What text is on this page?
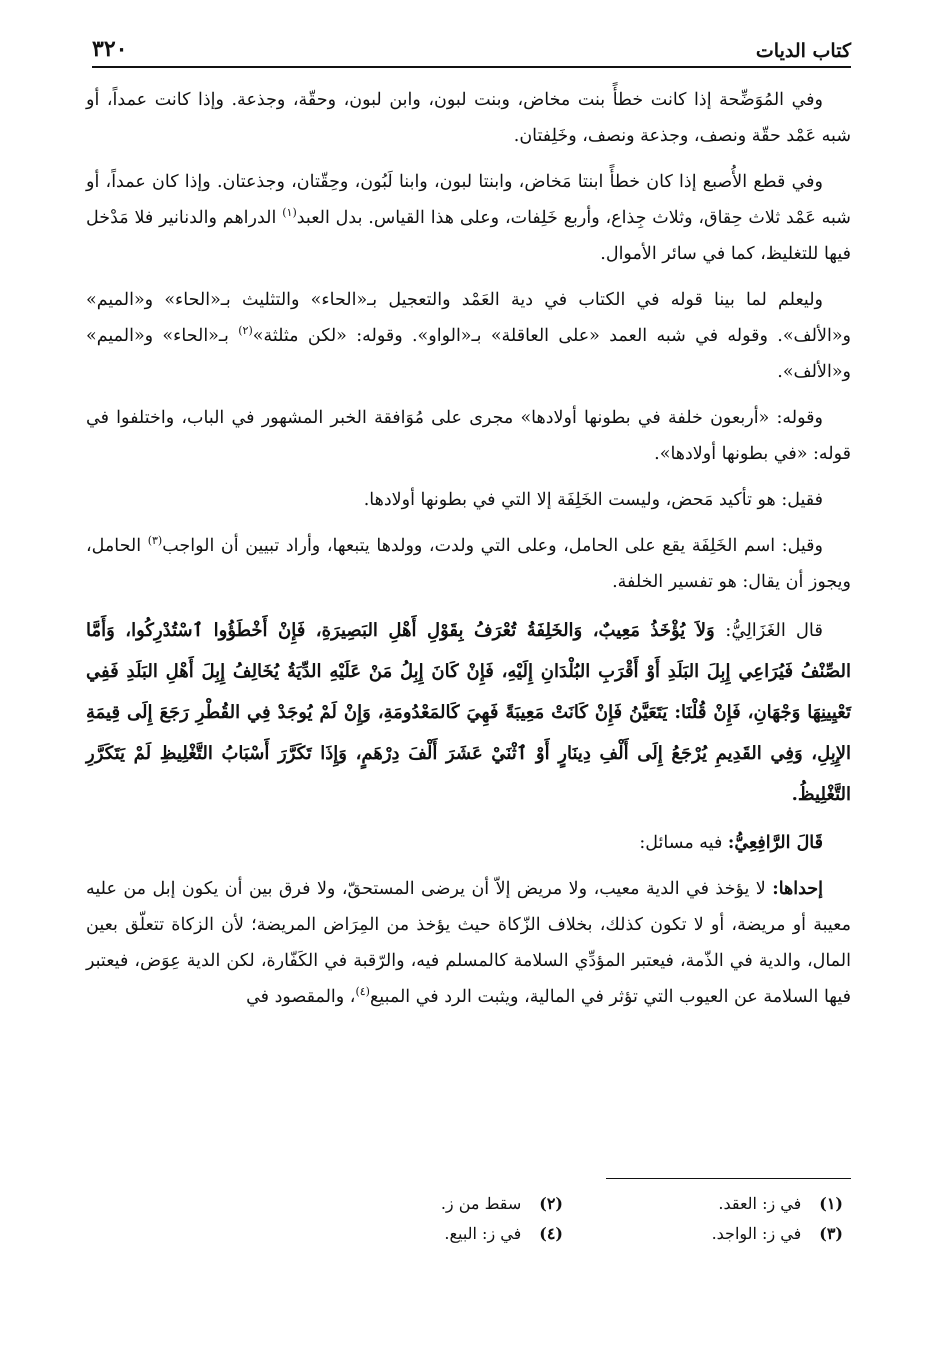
كتاب الديات
٣٢٠

وفي المُوَضِّحة إذا كانت خطأً بنت مخاض، وبنت لبون، وابن لبون، وحقّة، وجذعة. وإذا كانت عمداً، أو شبه عَمْد حقّة ونصف، وجذعة ونصف، وخَلِفتان.

وفي قطع الأُصبع إذا كان خطأً ابنتا مَخاض، وابنتا لبون، وابنا لَبُون، وحِقّتان، وجذعتان. وإذا كان عمداً، أو شبه عَمْد ثلاث حِقاق، وثلاث جِذاع، وأربع خَلِفات، وعلى هذا القياس. بدل العبد$^{(١)}$ الدراهم والدنانير فلا مَدْخل فيها للتغليظ، كما في سائر الأموال.

وليعلم لما بينا قوله في الكتاب في دية العَمْد والتعجيل بـ«الحاء» والتثليث بـ«الحاء» و«الميم» و«الألف». وقوله في شبه العمد «على العاقلة» بـ«الواو». وقوله: «لكن مثلثة»$^{(٢)}$ بـ«الحاء» و«الميم» و«الألف».

وقوله: «أربعون خلفة في بطونها أولادها» مجرى على مُوَافقة الخبر المشهور في الباب، واختلفوا في قوله: «في بطونها أولادها».

فقيل: هو تأكيد مَحض، وليست الخَلِفَة إلا التي في بطونها أولادها.

وقيل: اسم الخَلِفَة يقع على الحامل، وعلى التي ولدت، وولدها يتبعها، وأراد تبيين أن الواجب$^{(٣)}$ الحامل، ويجوز أن يقال: هو تفسير الخلفة.

قال الغَزَالِيُّ: وَلاَ يُؤْخَذُ مَعِيبٌ، وَالخَلِفَةُ تُعْرَفُ بِقَوْلِ أَهْلِ البَصِيرَةِ، فَإِنْ أَخْطَؤُوا ٱسْتُدْرِكُوا، وَأَمَّا الصِّنْفُ فَيُرَاعِي إِبِلَ البَلَدِ أَوْ أَقْرَبِ البُلْدَانِ إِلَيْهِ، فَإِنْ كَانَ إِبِلُ مَنْ عَلَيْهِ الدِّيَةُ يُخَالِفُ إِبِلَ أَهْلِ البَلَدِ فَفِي تَعْيِينِهَا وَجْهَانِ، فَإِنْ قُلْنَا: يَتَعَيَّنُ فَإِنْ كَانَتْ مَعِيبَةً فَهِيَ كَالمَعْدُومَةِ، وَإِنْ لَمْ يُوجَدْ فِي القُطْرِ رَجَعَ إِلَى قِيمَةِ الإِبِلِ، وَفِي القَدِيمِ يُرْجَعُ إِلَى أَلْفِ دِينَارٍ أَوْ ٱثْنَيْ عَشَرَ أَلْفَ دِرْهَمٍ، وَإِذَا تَكَرَّرَ أَسْبَابُ التَّغْلِيظِ لَمْ يَتَكَرَّرِ التَّغْلِيظُ.

قَالَ الرَّافِعِيُّ: فيه مسائل:

إحداها: لا يؤخذ في الدية معيب، ولا مريض إلاّ أن يرضى المستحقّ، ولا فرق بين أن يكون إبل من عليه معيبة أو مريضة، أو لا تكون كذلك، بخلاف الزّكاة حيث يؤخذ من المِرَاض المريضة؛ لأن الزكاة تتعلّق بعين المال، والدية في الذّمة، فيعتبر المؤدِّي السلامة كالمسلم فيه، والرّقبة في الكَفّارة، لكن الدية عِوَض، فيعتبر فيها السلامة عن العيوب التي تؤثر في المالية، ويثبت الرد في المبيع$^{(٤)}$، والمقصود في

(١)في ز: العقد.
(٢)سقط من ز.
(٣)في ز: الواجد.
(٤)في ز: البيع.
